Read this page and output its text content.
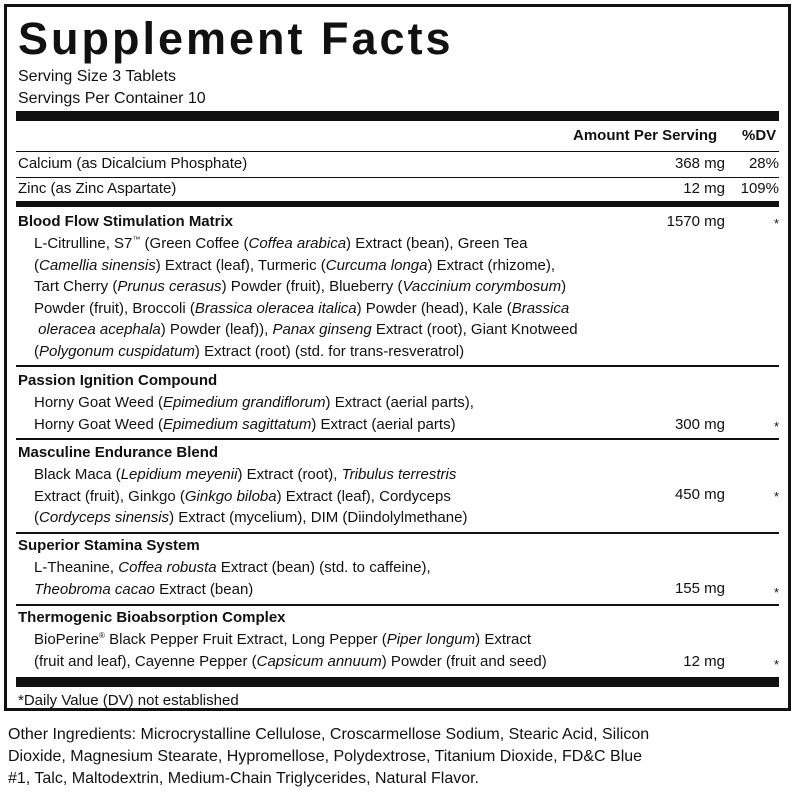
Supplement Facts
Serving Size 3 Tablets
Servings Per Container 10
Amount Per Serving %DV
Calcium (as Dicalcium Phosphate)	368 mg 28%
Zinc (as Zinc Aspartate)	12 mg 109%
Blood Flow Stimulation Matrix	1570 mg	*

L-Citrulline, S7™ (Green Coffee (Coffea arabica) Extract (bean), Green Tea

(Camellia sinensis) Extract (leaf), Turmeric (Curcuma longa) Extract (rhizome),

Tart Cherry (Prunus cerasus) Powder (fruit), Blueberry (Vaccinium corymbosum)

Powder (fruit), Broccoli (Brassica oleracea italica) Powder (head), Kale (Brassica

oleracea acephala) Powder (leaf)), Panax ginseng Extract (root), Giant Knotweed

(Polygonum cuspidatum) Extract (root) (std. for trans-resveratrol)

Passion Ignition Compound

Horny Goat Weed (Epimedium grandiflorum) Extract (aerial parts),

Horny Goat Weed (Epimedium sagittatum) Extract (aerial parts)	300 mg	*
Masculine Endurance Blend

Black Maca (Lepidium meyenii) Extract (root), Tribulus terrestris

Extract (fruit), Ginkgo (Ginkgo biloba) Extract (leaf), Cordyceps

(Cordyceps sinensis) Extract (mycelium), DIM (Diindolylmethane)

450 mg	*
Superior Stamina System

L-Theanine, Coffea robusta Extract (bean) (std. to caffeine),

Theobroma cacao Extract (bean)	155 mg	*
Thermogenic Bioabsorption Complex

BioPerine® Black Pepper Fruit Extract, Long Pepper (Piper longum) Extract

(fruit and leaf), Cayenne Pepper (Capsicum annuum) Powder (fruit and seed)	12 mg	*
*Daily Value (DV) not established

Other Ingredients: Microcrystalline Cellulose, Croscarmellose Sodium, Stearic Acid, Silicon

Dioxide, Magnesium Stearate, Hypromellose, Polydextrose, Titanium Dioxide, FD&C Blue

#1, Talc, Maltodextrin, Medium-Chain Triglycerides, Natural Flavor.
